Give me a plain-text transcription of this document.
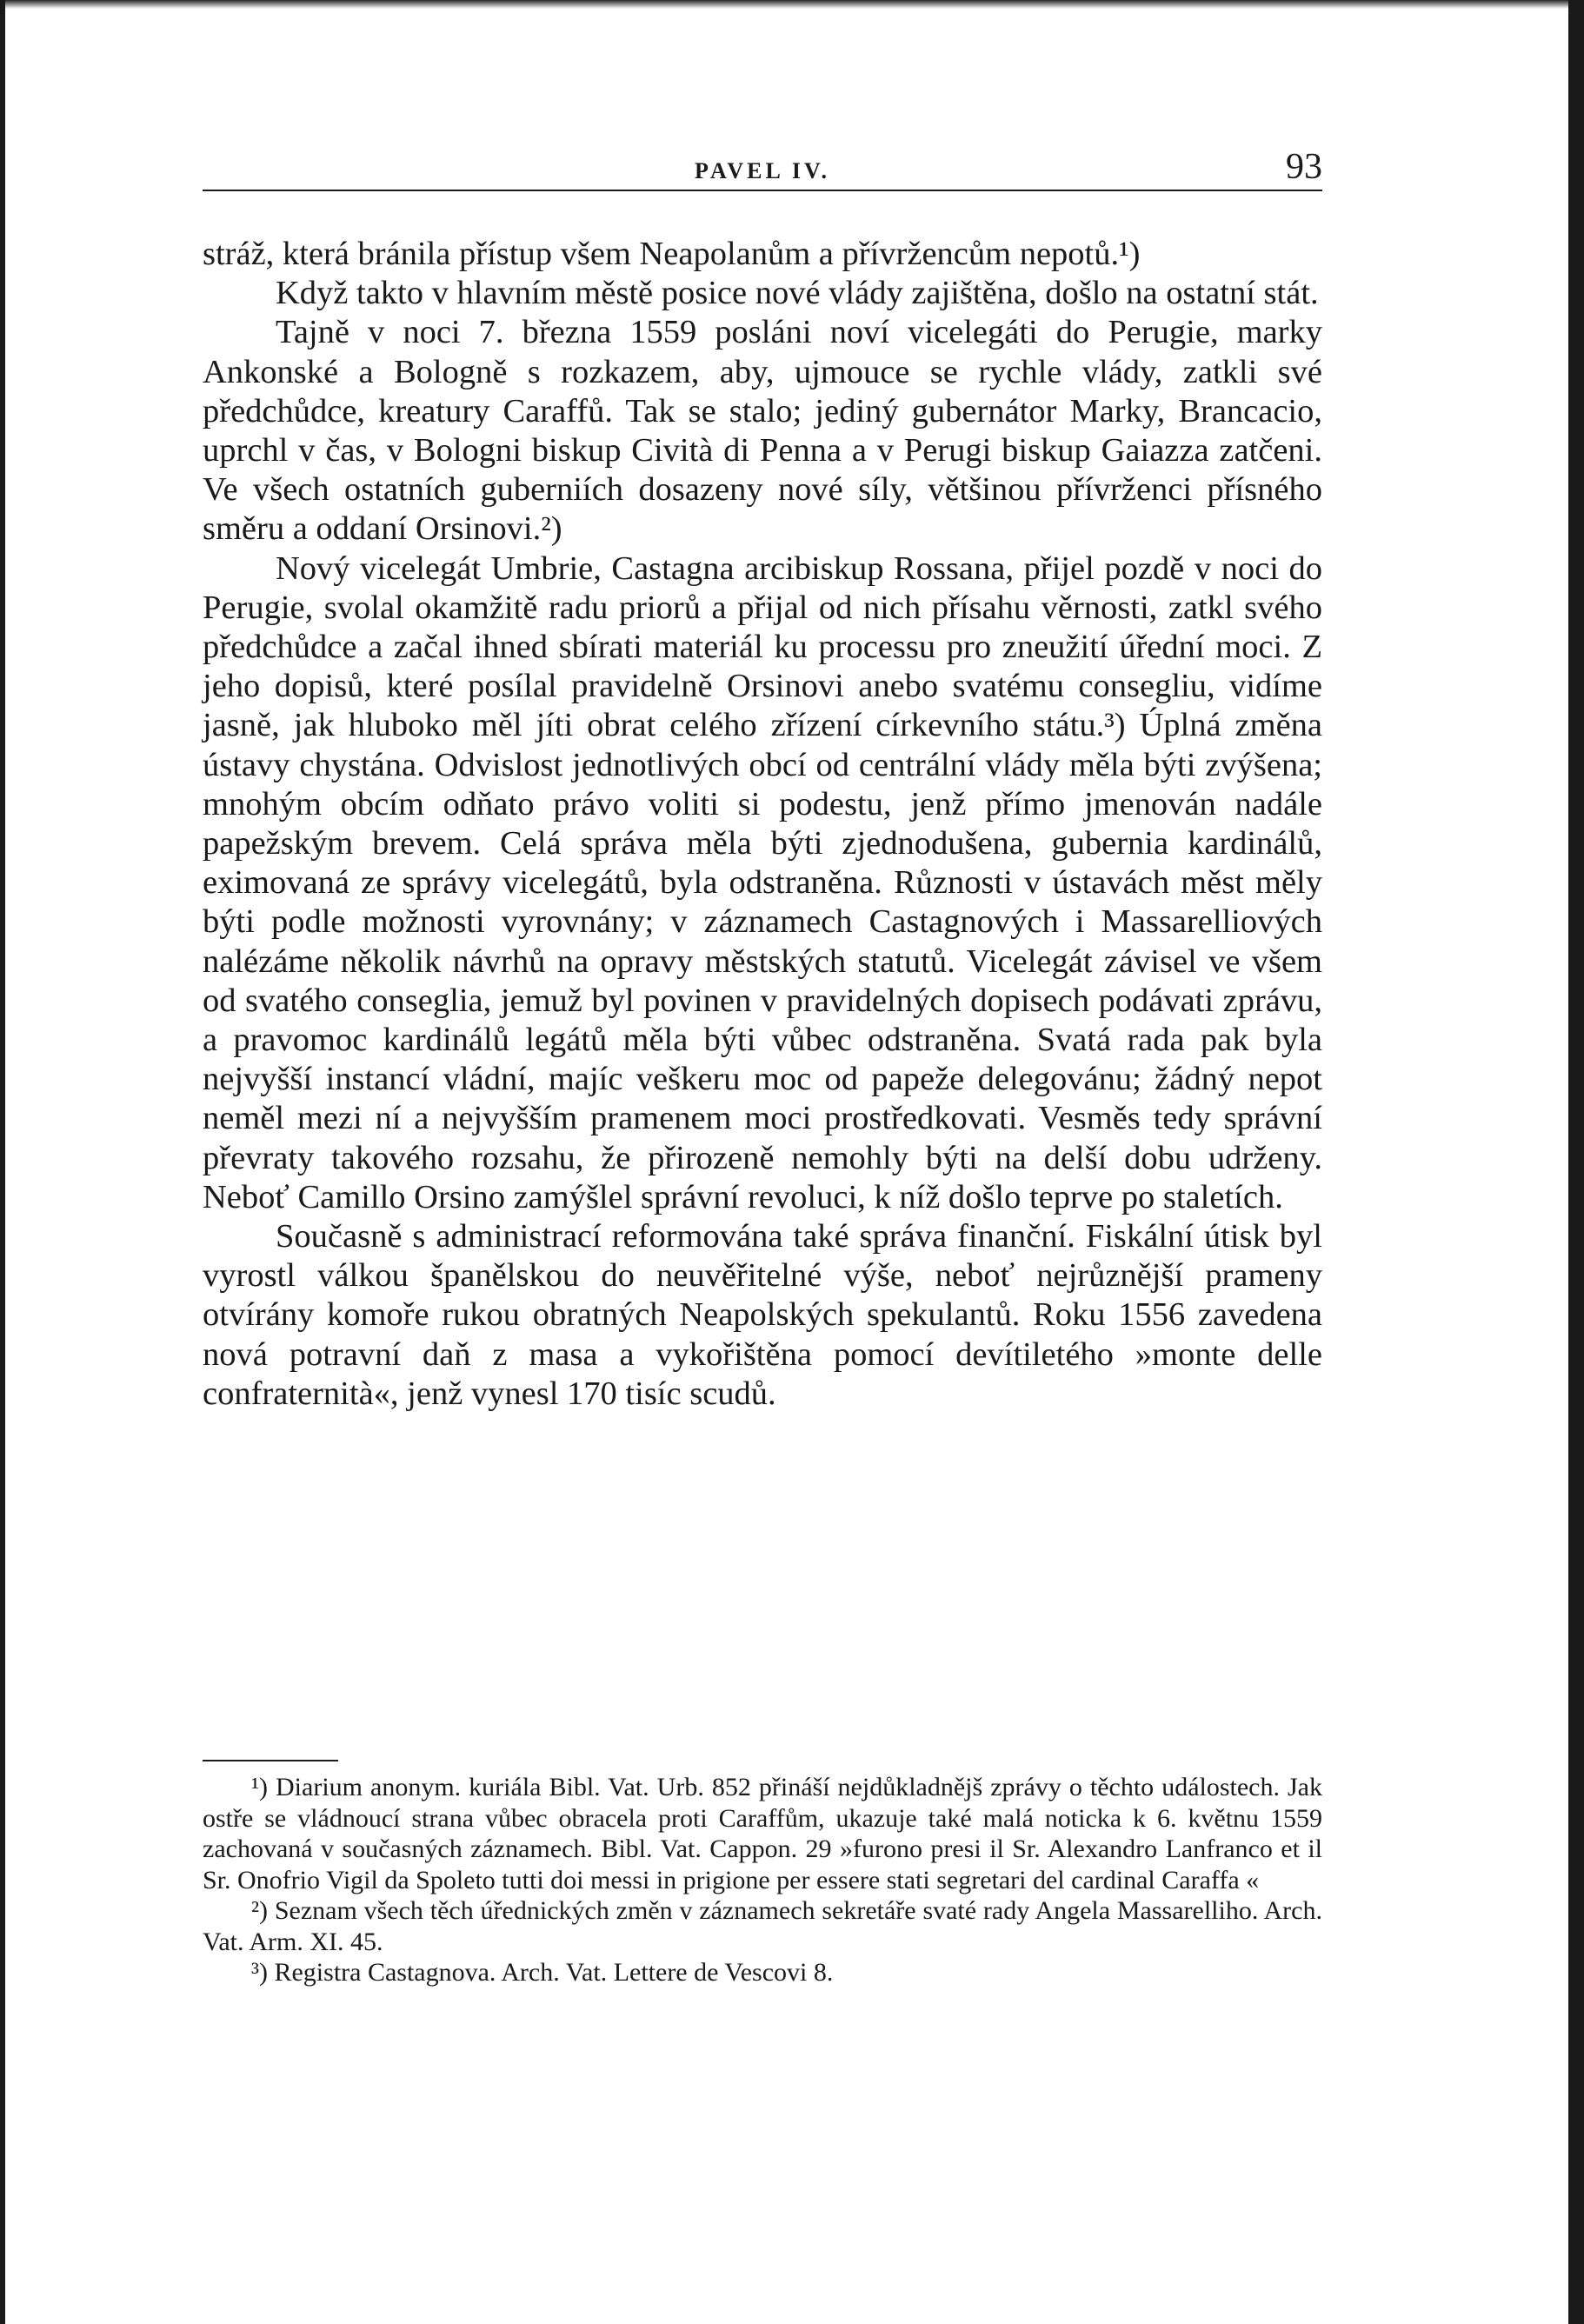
PAVEL IV.	93

stráž, která bránila přístup všem Neapolanům a přívržencům nepotů.¹)

Když takto v hlavním městě posice nové vlády zajištěna, došlo na ostatní stát.

Tajně v noci 7. března 1559 posláni noví vicelegáti do Perugie, marky Ankonské a Bologně s rozkazem, aby, ujmouce se rychle vlády, zatkli své předchůdce, kreatury Caraffů. Tak se stalo; jediný gubernátor Marky, Brancacio, uprchl v čas, v Bologni biskup Cività di Penna a v Perugi biskup Gaiazza zatčeni. Ve všech ostatních guberniích dosazeny nové síly, většinou přívrženci přísného směru a oddaní Orsinovi.²)

Nový vicelegát Umbrie, Castagna arcibiskup Rossana, přijel pozdě v noci do Perugie, svolal okamžitě radu priorů a přijal od nich přísahu věrnosti, zatkl svého předchůdce a začal ihned sbírati materiál ku processu pro zneužití úřední moci. Z jeho dopisů, které posílal pravidelně Orsinovi anebo svatému consegliu, vidíme jasně, jak hluboko měl jíti obrat celého zřízení církevního státu.³) Úplná změna ústavy chystána. Odvislost jednotlivých obcí od centrální vlády měla býti zvýšena; mnohým obcím odňato právo voliti si podestu, jenž přímo jmenován nadále papežským brevem. Celá správa měla býti zjednodušena, gubernia kardinálů, eximovaná ze správy vicelegátů, byla odstraněna. Různosti v ústavách měst měly býti podle možnosti vyrovnány; v záznamech Castagnových i Massarelliových nalézáme několik návrhů na opravy městských statutů. Vicelegát závisel ve všem od svatého conseglia, jemuž byl povinen v pravidelných dopisech podávati zprávu, a pravomoc kardinálů legátů měla býti vůbec odstraněna. Svatá rada pak byla nejvyšší instancí vládní, majíc veškeru moc od papeže delegovánu; žádný nepot neměl mezi ní a nejvyšším pramenem moci prostředkovati. Vesměs tedy správní převraty takového rozsahu, že přirozeně nemohly býti na delší dobu udrženy. Neboť Camillo Orsino zamýšlel správní revoluci, k níž došlo teprve po staletích.

Současně s administrací reformována také správa finanční. Fiskální útisk byl vyrostl válkou španělskou do neuvěřitelné výše, neboť nejrůznější prameny otvírány komoře rukou obratných Neapolských spekulantů. Roku 1556 zavedena nová potravní daň z masa a vykořištěna pomocí devítiletého »monte delle confraternità«, jenž vynesl 170 tisíc scudů.

¹) Diarium anonym. kuriála Bibl. Vat. Urb. 852 přináší nejdůkladnějš zprávy o těchto událostech. Jak ostře se vládnoucí strana vůbec obracela proti Caraffům, ukazuje také malá noticka k 6. květnu 1559 zachovaná v současných záznamech. Bibl. Vat. Cappon. 29 »furono presi il Sr. Alexandro Lanfranco et il Sr. Onofrio Vigil da Spoleto tutti doi messi in prigione per essere stati segretari del cardinal Caraffa «

²) Seznam všech těch úřednických změn v záznamech sekretáře svaté rady Angela Massarelliho. Arch. Vat. Arm. XI. 45.

³) Registra Castagnova. Arch. Vat. Lettere de Vescovi 8.
